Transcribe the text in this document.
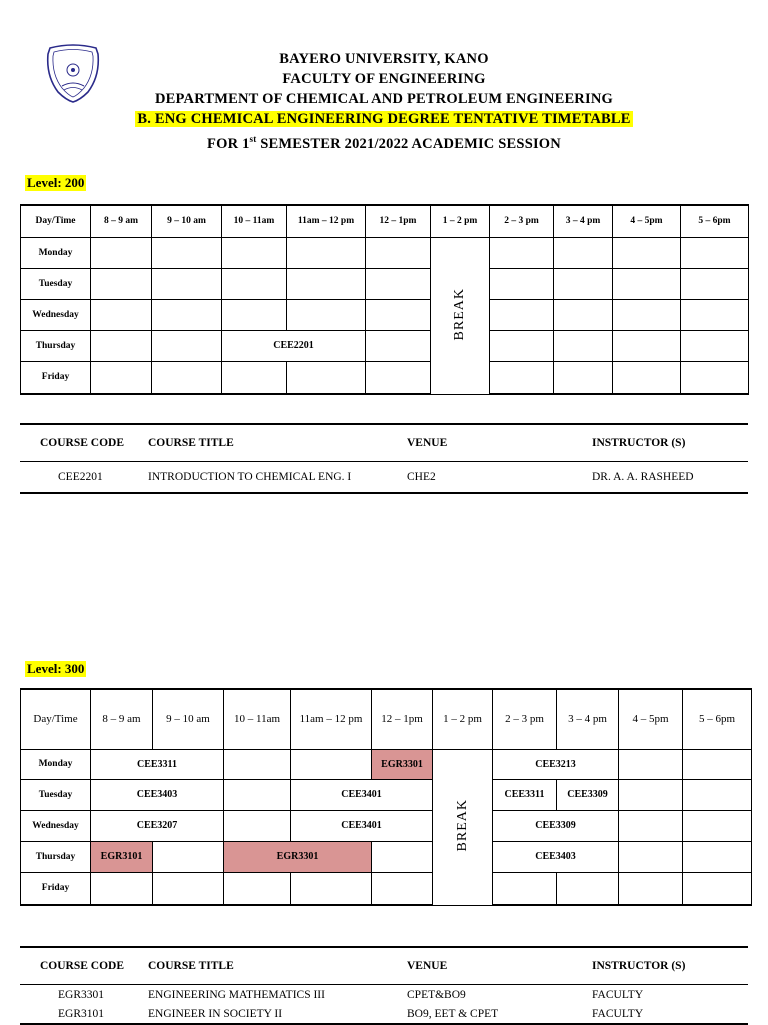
BAYERO UNIVERSITY, KANO
FACULTY OF ENGINEERING
DEPARTMENT OF CHEMICAL AND PETROLEUM ENGINEERING
B. ENG CHEMICAL ENGINEERING DEGREE TENTATIVE TIMETABLE
FOR 1st SEMESTER 2021/2022 ACADEMIC SESSION
Level: 200
Day/Time	8 – 9 am	9 – 10 am	10 – 11am	11am – 12 pm	12 – 1pm	1 – 2 pm	2 – 3 pm	3 – 4 pm	4 – 5pm	5 – 6pm
Monday						BREAK				
Tuesday										
Wednesday										
Thursday			CEE2201							
Friday										
COURSE CODE	COURSE TITLE	VENUE	INSTRUCTOR (S)
CEE2201	INTRODUCTION TO CHEMICAL ENG. I	CHE2	DR. A. A. RASHEED
Level: 300
Day/Time	8 – 9 am	9 – 10 am	10 – 11am	11am – 12 pm	12 – 1pm	1 – 2 pm	2 – 3 pm	3 – 4 pm	4 – 5pm	5 – 6pm
Monday	CEE3311				EGR3301	BREAK	CEE3213			
Tuesday	CEE3403			CEE3401			CEE3311	CEE3309		
Wednesday	CEE3207			CEE3401			CEE3309			
Thursday	EGR3101		EGR3301				CEE3403			
Friday										
COURSE CODE	COURSE TITLE	VENUE	INSTRUCTOR (S)
EGR3301	ENGINEERING MATHEMATICS III	CPET&BO9	FACULTY
EGR3101	ENGINEER IN SOCIETY II	BO9, EET & CPET	FACULTY
